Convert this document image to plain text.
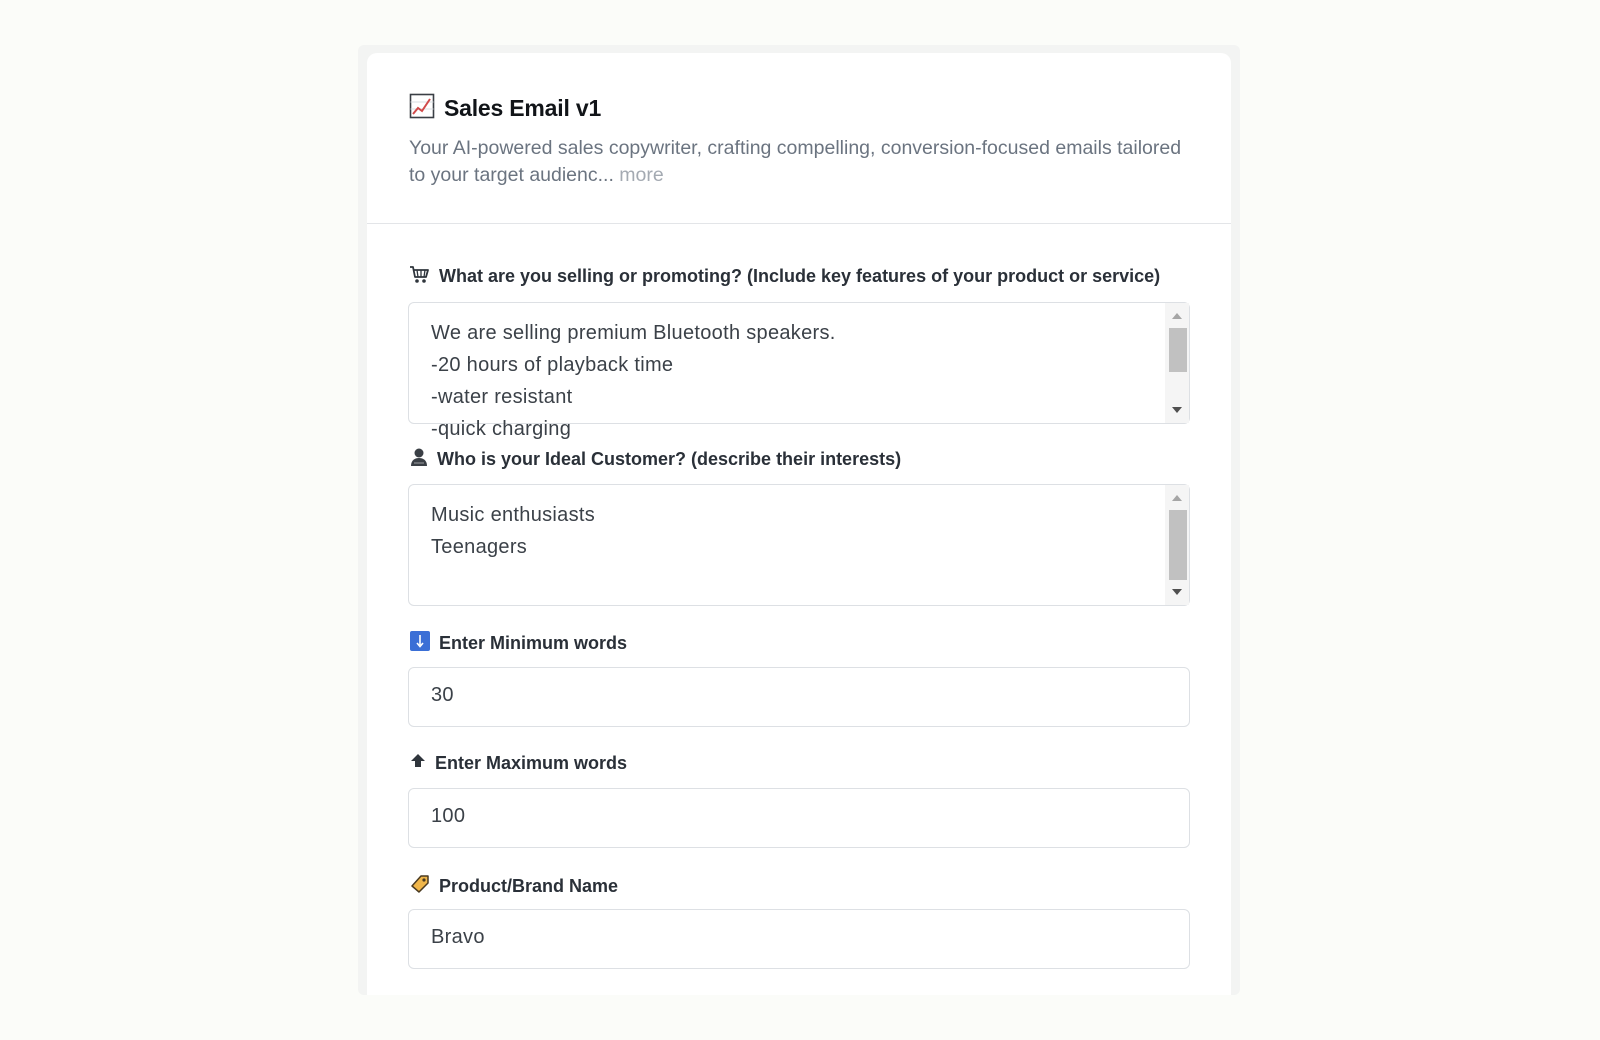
Sales Email v1
Your AI-powered sales copywriter, crafting compelling, conversion-focused emails tailored to your target audienc... more
What are you selling or promoting? (Include key features of your product or service)
We are selling premium Bluetooth speakers.
-20 hours of playback time
-water resistant
-quick charging
Who is your Ideal Customer? (describe their interests)
Music enthusiasts
Teenagers
Enter Minimum words
30
Enter Maximum words
100
Product/Brand Name
Bravo
